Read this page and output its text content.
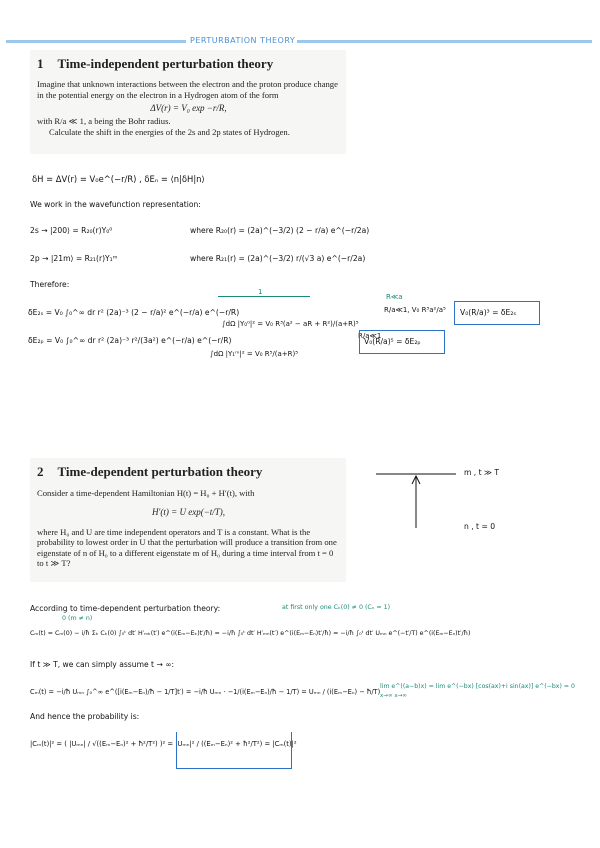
PERTURBATION THEORY
1 Time-independent perturbation theory
Imagine that unknown interactions between the electron and the proton produce change in the potential energy on the electron in a Hydrogen atom of the form
ΔV(r) = V₀ exp −r/R,
with R/a ≪ 1, a being the Bohr radius.
Calculate the shift in the energies of the 2s and 2p states of Hydrogen.
δH = ΔV(r) = V₀e^(−r/R) , δEₙ = ⟨n|δH|n⟩
We work in the wavefunction representation:
2s → |200⟩ = R₂₀(r)Y₀⁰	where R₂₀(r) = (2a)^(−3/2) (2 − r/a) e^(−r/2a)
2p → |21m⟩ = R₂₁(r)Y₁ᵐ	where R₂₁(r) = (2a)^(−3/2) r/(√3 a) e^(−r/2a)
Therefore:
1
R≪a
δE₂ₛ = V₀ ∫₀^∞ dr r² (2a)⁻³ (2 − r/a)² e^(−r/a) e^(−r/R)
∫dΩ |Y₀⁰|² = V₀ R³(a² − aR + R²)/(a+R)⁵
R/a≪1, V₀ R³a²/a⁵ V₀(R/a)³ = δE₂ₛ
δE₂ₚ = V₀ ∫₀^∞ dr r² (2a)⁻³ r²/(3a²) e^(−r/a) e^(−r/R)
∫dΩ |Y₁ᵐ|² = V₀ R⁵/(a+R)⁵
R/a≪1
V₀(R/a)⁵ = δE₂ₚ
2 Time-dependent perturbation theory
Consider a time-dependent Hamiltonian H(t) = H₀ + H′(t), with
H′(t) = U exp(−t/T),
where H₀ and U are time independent operators and T is a constant. What is the probability to lowest order in U that the perturbation will produce a transition from one eigenstate of n of H₀ to a different eigenstate m of H₀ during a time interval from t = 0 to t ≫ T?
m , t ≫ T
n , t = 0
According to time-dependent perturbation theory:	at first only one Cₖ(0) ≠ 0 (Cₙ = 1)
0 (m ≠ n)
Cₘ(t) = Cₘ(0) − i/ħ Σₖ Cₖ(0) ∫₀ᵗ dt′ H′ₘₖ(t′) e^(i(Eₘ−Eₖ)t′/ħ) = −i/ħ ∫₀ᵗ dt′ H′ₘₙ(t′) e^(i(Eₘ−Eₙ)t′/ħ) = −i/ħ ∫₀ᵗ dt′ Uₘₙ e^(−t′/T) e^(i(Eₘ−Eₙ)t′/ħ)
If t ≫ T, we can simply assume t → ∞:
Cₘ(t) = −i/ħ Uₘₙ ∫₀^∞ e^([i(Eₘ−Eₙ)/ħ − 1/T]t′) = −i/ħ Uₘₙ · −1/(i(Eₘ−Eₙ)/ħ − 1/T) = Uₘₙ / (i(Eₘ−Eₙ) − ħ/T)
lim e^((a−b)x) = lim e^(−bx) [cos(ax)+i sin(ax)] e^(−bx) = 0
x→∞ x→∞
And hence the probability is:
|Cₘ(t)|² = ( |Uₘₙ| / √((Eₘ−Eₙ)² + ħ²/T²) )² = |Uₘₙ|² / ((Eₘ−Eₙ)² + ħ²/T²) = |Cₘ(t)|²
